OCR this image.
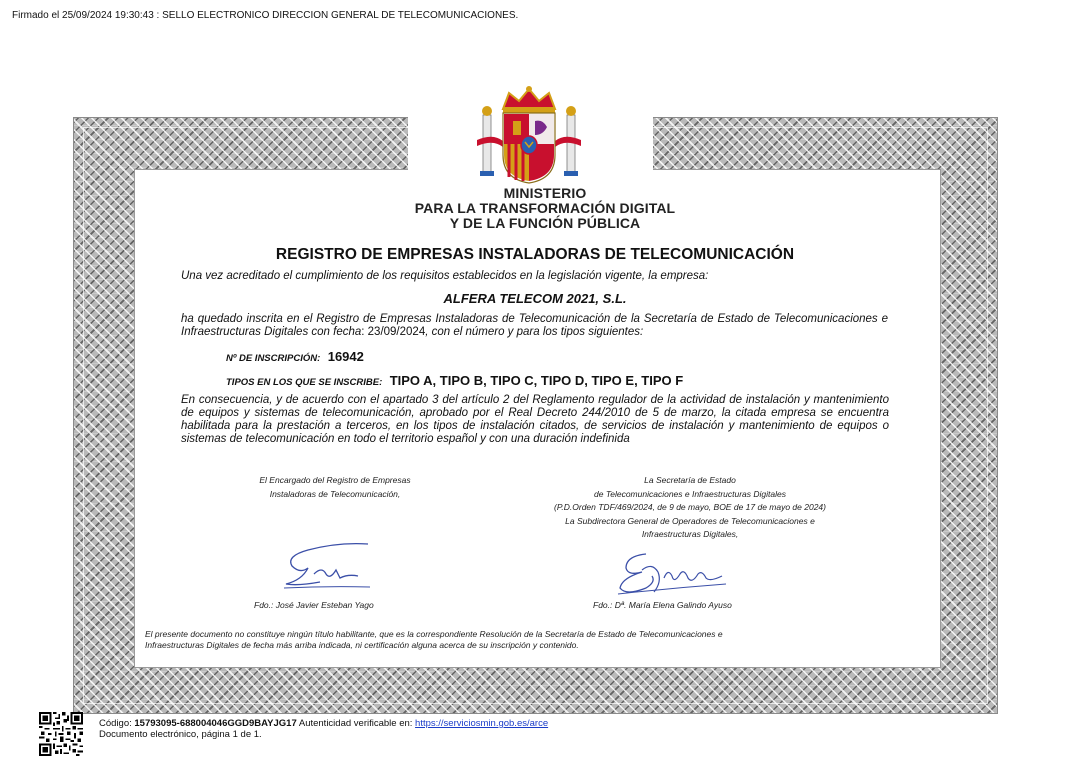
Firmado el 25/09/2024 19:30:43 : SELLO ELECTRONICO DIRECCION GENERAL DE TELECOMUNICACIONES.
MINISTERIO
PARA LA TRANSFORMACIÓN DIGITAL
Y DE LA FUNCIÓN PÚBLICA
REGISTRO DE EMPRESAS INSTALADORAS DE TELECOMUNICACIÓN
Una vez acreditado el cumplimiento de los requisitos establecidos en la legislación vigente, la empresa:
ALFERA TELECOM 2021, S.L.
ha quedado inscrita en el Registro de Empresas Instaladoras de Telecomunicación de la Secretaría de Estado de Telecomunicaciones e Infraestructuras Digitales con fecha: 23/09/2024, con el número y para los tipos siguientes:
Nº DE INSCRIPCIÓN: 16942
TIPOS EN LOS QUE SE INSCRIBE: TIPO A, TIPO B, TIPO C, TIPO D, TIPO E, TIPO F
En consecuencia, y de acuerdo con el apartado 3 del artículo 2 del Reglamento regulador de la actividad de instalación y mantenimiento de equipos y sistemas de telecomunicación, aprobado por el Real Decreto 244/2010 de 5 de marzo, la citada empresa se encuentra habilitada para la prestación a terceros, en los tipos de instalación citados, de servicios de instalación y mantenimiento de equipos o sistemas de telecomunicación en todo el territorio español y con una duración indefinida
El Encargado del Registro de Empresas
Instaladoras de Telecomunicación,
La Secretaría de Estado
de Telecomunicaciones e Infraestructuras Digitales
(P.D.Orden TDF/469/2024, de 9 de mayo, BOE de 17 de mayo de 2024)
La Subdirectora General de Operadores de Telecomunicaciones e
Infraestructuras Digitales,
Fdo.: José Javier Esteban Yago	Fdo.: Dª. María Elena Galindo Ayuso
El presente documento no constituye ningún título habilitante, que es la correspondiente Resolución de la Secretaría de Estado de Telecomunicaciones e
Infraestructuras Digitales de fecha más arriba indicada, ni certificación alguna acerca de su inscripción y contenido.
Código: 15793095-688004046GGD9BAYJG17 Autenticidad verificable en: https://serviciosmin.gob.es/arce
Documento electrónico, página 1 de 1.
